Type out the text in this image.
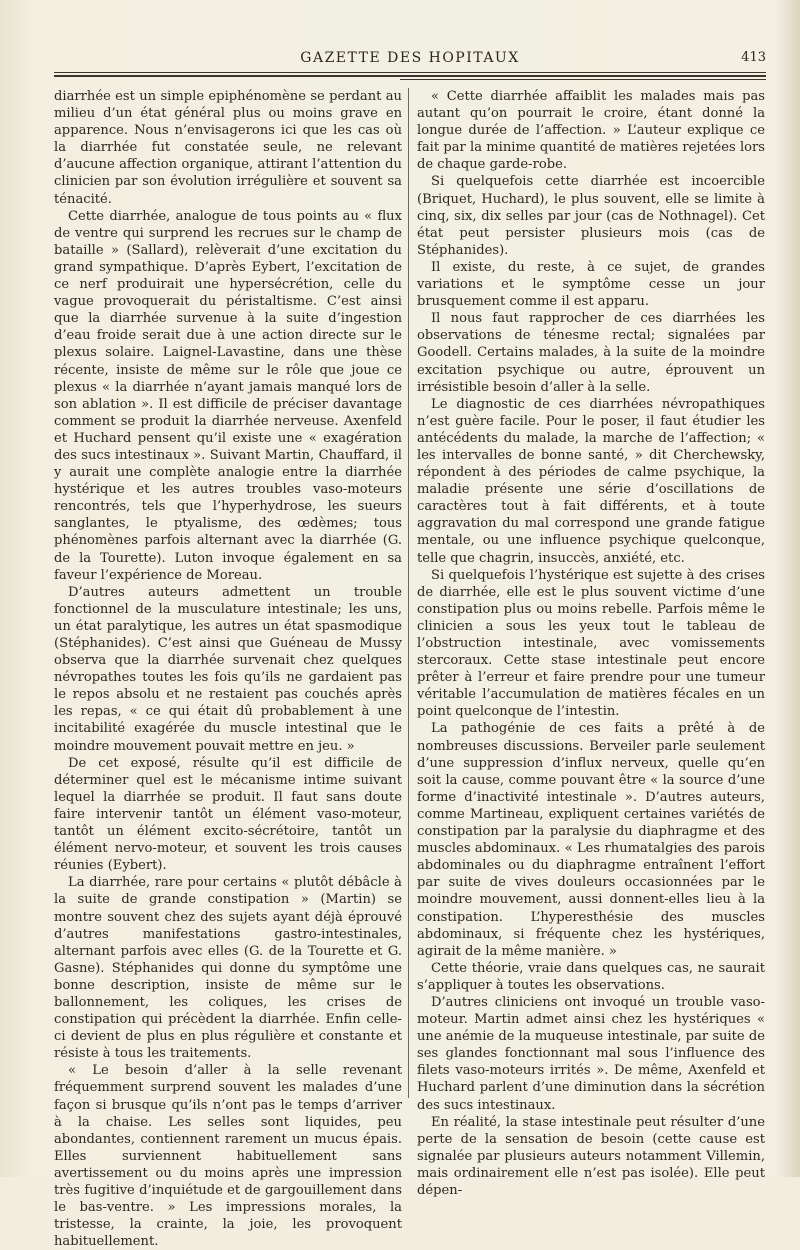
GAZETTE DES HOPITAUX	413

diarrhée est un simple epiphénomène se perdant au milieu d’un état général plus ou moins grave en apparence. Nous n’envisagerons ici que les cas où la diarrhée fut constatée seule, ne relevant d’aucune affection organique, attirant l’attention du clinicien par son évolution irrégulière et souvent sa ténacité.

Cette diarrhée, analogue de tous points au « flux de ventre qui surprend les recrues sur le champ de bataille » (Sallard), relèverait d’une excitation du grand sympathique. D’après Eybert, l’excitation de ce nerf produirait une hypersécrétion, celle du vague provoquerait du péristaltisme. C’est ainsi que la diarrhée survenue à la suite d’ingestion d’eau froide serait due à une action directe sur le plexus solaire. Laignel-Lavastine, dans une thèse récente, insiste de même sur le rôle que joue ce plexus « la diarrhée n’ayant jamais manqué lors de son ablation ». Il est difficile de préciser davantage comment se produit la diarrhée nerveuse. Axenfeld et Huchard pensent qu’il existe une « exagération des sucs intestinaux ». Suivant Martin, Chauffard, il y aurait une complète analogie entre la diarrhée hystérique et les autres troubles vaso-moteurs rencontrés, tels que l’hyperhydrose, les sueurs sanglantes, le ptyalisme, des œdèmes; tous phénomènes parfois alternant avec la diarrhée (G. de la Tourette). Luton invoque également en sa faveur l’expérience de Moreau.

D’autres auteurs admettent un trouble fonctionnel de la musculature intestinale; les uns, un état paralytique, les autres un état spasmodique (Stéphanides). C’est ainsi que Guéneau de Mussy observa que la diarrhée survenait chez quelques névropathes toutes les fois qu’ils ne gardaient pas le repos absolu et ne restaient pas couchés après les repas, « ce qui était dû probablement à une incitabilité exagérée du muscle intestinal que le moindre mouvement pouvait mettre en jeu. »

De cet exposé, résulte qu’il est difficile de déterminer quel est le mécanisme intime suivant lequel la diarrhée se produit. Il faut sans doute faire intervenir tantôt un élément vaso-moteur, tantôt un élément excito-sécrétoire, tantôt un élément nervo-moteur, et souvent les trois causes réunies (Eybert).

La diarrhée, rare pour certains « plutôt débâcle à la suite de grande constipation » (Martin) se montre souvent chez des sujets ayant déjà éprouvé d’autres manifestations gastro-intestinales, alternant parfois avec elles (G. de la Tourette et G. Gasne). Stéphanides qui donne du symptôme une bonne description, insiste de même sur le ballonnement, les coliques, les crises de constipation qui précèdent la diarrhée. Enfin celle-ci devient de plus en plus régulière et constante et résiste à tous les traitements.

« Le besoin d’aller à la selle revenant fréquemment surprend souvent les malades d’une façon si brusque qu’ils n’ont pas le temps d’arriver à la chaise. Les selles sont liquides, peu abondantes, contiennent rarement un mucus épais. Elles surviennent habituellement sans avertissement ou du moins après une impression très fugitive d’inquiétude et de gargouillement dans le bas-ventre. » Les impressions morales, la tristesse, la crainte, la joie, les provoquent habituellement.

« Cette diarrhée affaiblit les malades mais pas autant qu’on pourrait le croire, étant donné la longue durée de l’affection. » L’auteur explique ce fait par la minime quantité de matières rejetées lors de chaque garde-robe.

Si quelquefois cette diarrhée est incoercible (Briquet, Huchard), le plus souvent, elle se limite à cinq, six, dix selles par jour (cas de Nothnagel). Cet état peut persister plusieurs mois (cas de Stéphanides).

Il existe, du reste, à ce sujet, de grandes variations et le symptôme cesse un jour brusquement comme il est apparu.

Il nous faut rapprocher de ces diarrhées les observations de ténesme rectal; signalées par Goodell. Certains malades, à la suite de la moindre excitation psychique ou autre, éprouvent un irrésistible besoin d’aller à la selle.

Le diagnostic de ces diarrhées névropathiques n’est guère facile. Pour le poser, il faut étudier les antécédents du malade, la marche de l’affection; « les intervalles de bonne santé, » dit Cherchewsky, répondent à des périodes de calme psychique, la maladie présente une série d’oscillations de caractères tout à fait différents, et à toute aggravation du mal correspond une grande fatigue mentale, ou une influence psychique quelconque, telle que chagrin, insuccès, anxiété, etc.

Si quelquefois l’hystérique est sujette à des crises de diarrhée, elle est le plus souvent victime d’une constipation plus ou moins rebelle. Parfois même le clinicien a sous les yeux tout le tableau de l’obstruction intestinale, avec vomissements stercoraux. Cette stase intestinale peut encore prêter à l’erreur et faire prendre pour une tumeur véritable l’accumulation de matières fécales en un point quelconque de l’intestin.

La pathogénie de ces faits a prêté à de nombreuses discussions. Berveiler parle seulement d’une suppression d’influx nerveux, quelle qu’en soit la cause, comme pouvant être « la source d’une forme d’inactivité intestinale ». D’autres auteurs, comme Martineau, expliquent certaines variétés de constipation par la paralysie du diaphragme et des muscles abdominaux. « Les rhumatalgies des parois abdominales ou du diaphragme entraînent l’effort par suite de vives douleurs occasionnées par le moindre mouvement, aussi donnent-elles lieu à la constipation. L’hyperesthésie des muscles abdominaux, si fréquente chez les hystériques, agirait de la même manière. »

Cette théorie, vraie dans quelques cas, ne saurait s’appliquer à toutes les observations.

D’autres cliniciens ont invoqué un trouble vaso-moteur. Martin admet ainsi chez les hystériques « une anémie de la muqueuse intestinale, par suite de ses glandes fonctionnant mal sous l’influence des filets vaso-moteurs irrités ». De même, Axenfeld et Huchard parlent d’une diminution dans la sécrétion des sucs intestinaux.

En réalité, la stase intestinale peut résulter d’une perte de la sensation de besoin (cette cause est signalée par plusieurs auteurs notamment Villemin, mais ordinairement elle n’est pas isolée). Elle peut dépen-
